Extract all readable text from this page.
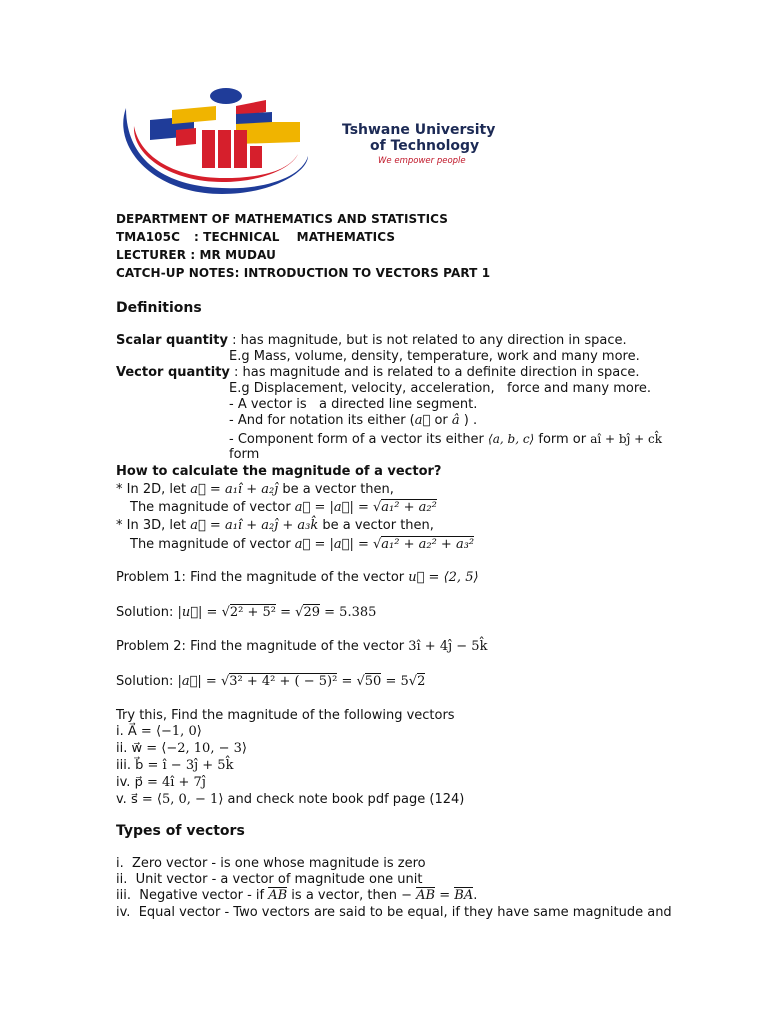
Tshwane University
of Technology
We empower people
DEPARTMENT OF MATHEMATICS AND STATISTICS
TMA105C : TECHNICAL    MATHEMATICS
LECTURER : MR MUDAU
CATCH-UP NOTES: INTRODUCTION TO VECTORS PART 1
Definitions
Scalar quantity : has magnitude, but is not related to any direction in space.
E.g Mass, volume, density, temperature, work and many more.
Vector quantity : has magnitude and is related to a definite direction in space.
E.g Displacement, velocity, acceleration,   force and many more.
- A vector is   a directed line segment.
- And for notation its either (a⃗ or â ) .
- Component form of a vector its either ⟨a, b, c⟩ form or aî + bĵ + ck̂
form
How to calculate the magnitude of a vector?
* In 2D, let a⃗ = a₁î + a₂ĵ be a vector then,
The magnitude of vector a⃗ = |a⃗| = √a₁² + a₂²
* In 3D, let a⃗ = a₁î + a₂ĵ + a₃k̂ be a vector then,
The magnitude of vector a⃗ = |a⃗| = √a₁² + a₂² + a₃²
Problem 1: Find the magnitude of the vector u⃗ = ⟨2, 5⟩
Solution: |u⃗| = √2² + 5² = √29 = 5.385
Problem 2: Find the magnitude of the vector 3î + 4ĵ − 5k̂
Solution: |a⃗| = √3² + 4² + ( − 5)² = √50 = 5√2
Try this, Find the magnitude of the following vectors
i. A⃗ = ⟨−1, 0⟩
ii. w⃗ = ⟨−2, 10, − 3⟩
iii. b⃗ = î − 3ĵ + 5k̂
iv. p⃗ = 4î + 7ĵ
v. s⃗ = ⟨5, 0, − 1⟩ and check note book pdf page (124)
Types of vectors
i.  Zero vector - is one whose magnitude is zero
ii.  Unit vector - a vector of magnitude one unit
iii.  Negative vector - if AB is a vector, then − AB = BA.
iv.  Equal vector - Two vectors are said to be equal, if they have same magnitude and
